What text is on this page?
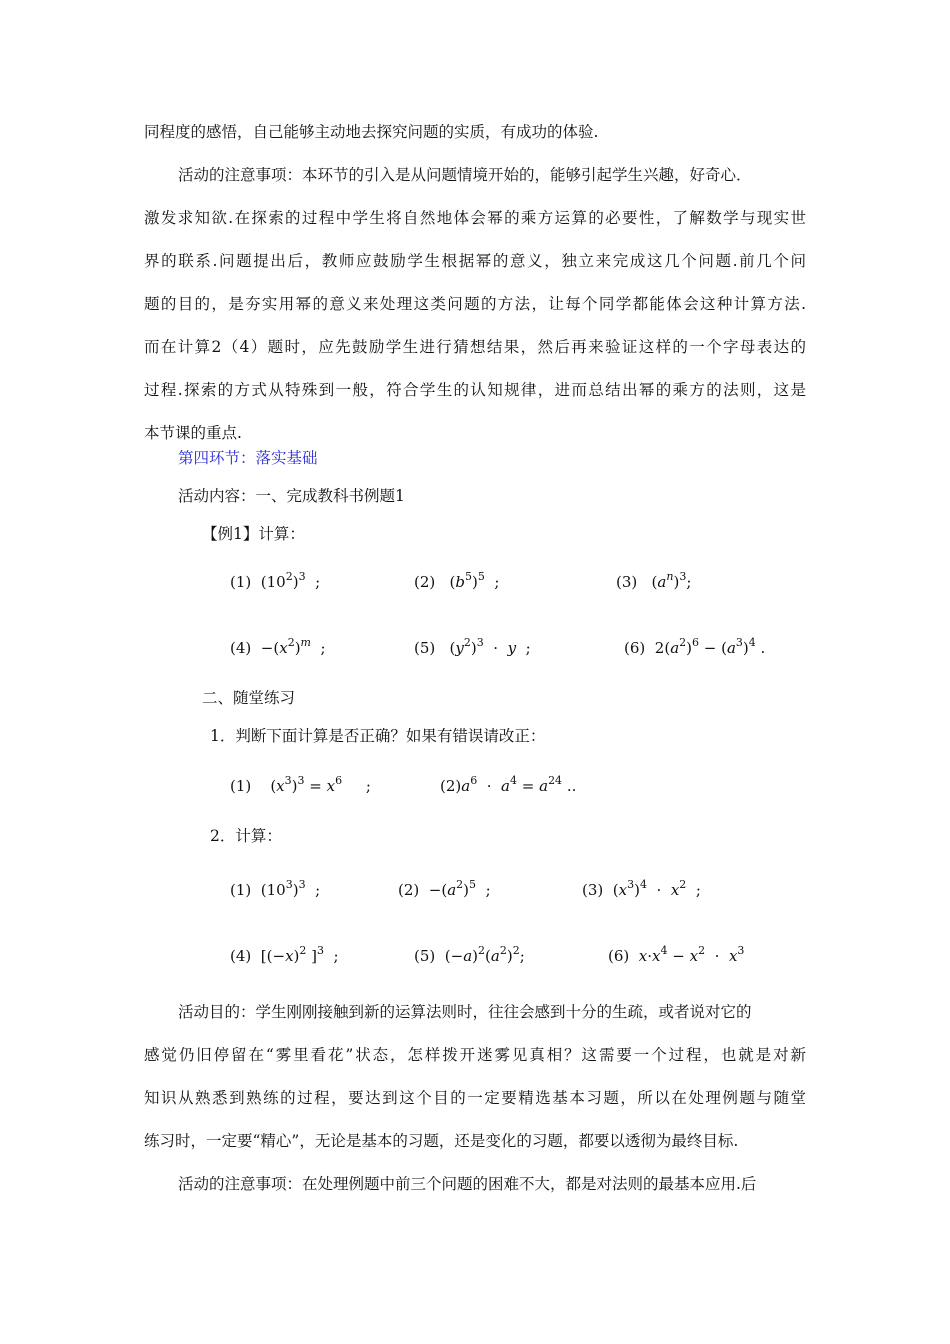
同程度的感悟，自己能够主动地去探究问题的实质，有成功的体验.
活动的注意事项：本环节的引入是从问题情境开始的，能够引起学生兴趣，好奇心．
激发求知欲.在探索的过程中学生将自然地体会幂的乘方运算的必要性，了解数学与现实世
界的联系.问题提出后，教师应鼓励学生根据幂的意义，独立来完成这几个问题.前几个问
题的目的，是夯实用幂的意义来处理这类问题的方法，让每个同学都能体会这种计算方法.
而在计算2（4）题时，应先鼓励学生进行猜想结果，然后再来验证这样的一个字母表达的
过程.探索的方式从特殊到一般，符合学生的认知规律，进而总结出幂的乘方的法则，这是
本节课的重点.
第四环节：落实基础
活动内容：一、完成教科书例题1
【例1】计算：
(1)  $(10^2)^3$  ;	(2)   $(b^5)^5$  ;	(3)   $(a^n)^3$;
$(4) -(x^2)^m$  ;	(5)   $(y^2)^3 \cdot y$  ;	(6)  $2(a^2)^6 - (a^3)^4$ .
二、随堂练习
1．判断下面计算是否正确？如果有错误请改正：
(1)    $(x^3)^3 = x^6$     ;	$(2)a^6 \cdot a^4 = a^{24}$ ..
2．计算：
(1)  $(10^3)^3$  ;	$(2) -(a^2)^5$  ;	(3)  $(x^3)^4 \cdot x^2$  ;
(4)  [$(-x)^2$ ]$^3$  ;	(5)  $(-a)^2(a^2)^2$;	(6)  $x\cdot x^4 - x^2 \cdot x^3$
活动目的：学生刚刚接触到新的运算法则时，往往会感到十分的生疏，或者说对它的
感觉仍旧停留在“雾里看花”状态，怎样拨开迷雾见真相？这需要一个过程，也就是对新
知识从熟悉到熟练的过程，要达到这个目的一定要精选基本习题，所以在处理例题与随堂
练习时，一定要“精心”，无论是基本的习题，还是变化的习题，都要以透彻为最终目标.
活动的注意事项：在处理例题中前三个问题的困难不大，都是对法则的最基本应用.后
